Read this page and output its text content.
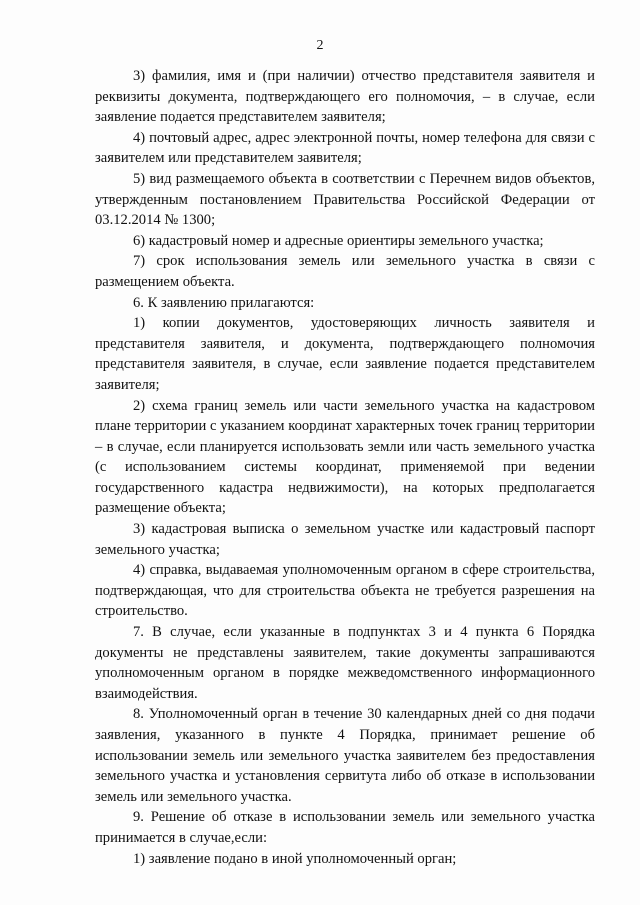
2

3) фамилия, имя и (при наличии) отчество представителя заявителя и реквизиты документа, подтверждающего его полномочия, – в случае, если заявление подается представителем заявителя;

4) почтовый адрес, адрес электронной почты, номер телефона для связи с заявителем или представителем заявителя;

5) вид размещаемого объекта в соответствии с Перечнем видов объектов, утвержденным постановлением Правительства Российской Федерации от 03.12.2014 № 1300;

6) кадастровый номер и адресные ориентиры земельного участка;

7) срок использования земель или земельного участка в связи с размещением объекта.

6. К заявлению прилагаются:

1) копии документов, удостоверяющих личность заявителя и представителя заявителя, и документа, подтверждающего полномочия представителя заявителя, в случае, если заявление подается представителем заявителя;

2) схема границ земель или части земельного участка на кадастровом плане территории с указанием координат характерных точек границ территории – в случае, если планируется использовать земли или часть земельного участка (с использованием системы координат, применяемой при ведении государственного кадастра недвижимости), на которых предполагается размещение объекта;

3) кадастровая выписка о земельном участке или кадастровый паспорт земельного участка;

4) справка, выдаваемая уполномоченным органом в сфере строительства, подтверждающая, что для строительства объекта не требуется разрешения на строительство.

7. В случае, если указанные в подпунктах 3 и 4 пункта 6 Порядка документы не представлены заявителем, такие документы запрашиваются уполномоченным органом в порядке межведомственного информационного взаимодействия.

8. Уполномоченный орган в течение 30 календарных дней со дня подачи заявления, указанного в пункте 4 Порядка, принимает решение об использовании земель или земельного участка заявителем без предоставления земельного участка и установления сервитута либо об отказе в использовании земель или земельного участка.

9. Решение об отказе в использовании земель или земельного участка принимается в случае,если:

1) заявление подано в иной уполномоченный орган;
